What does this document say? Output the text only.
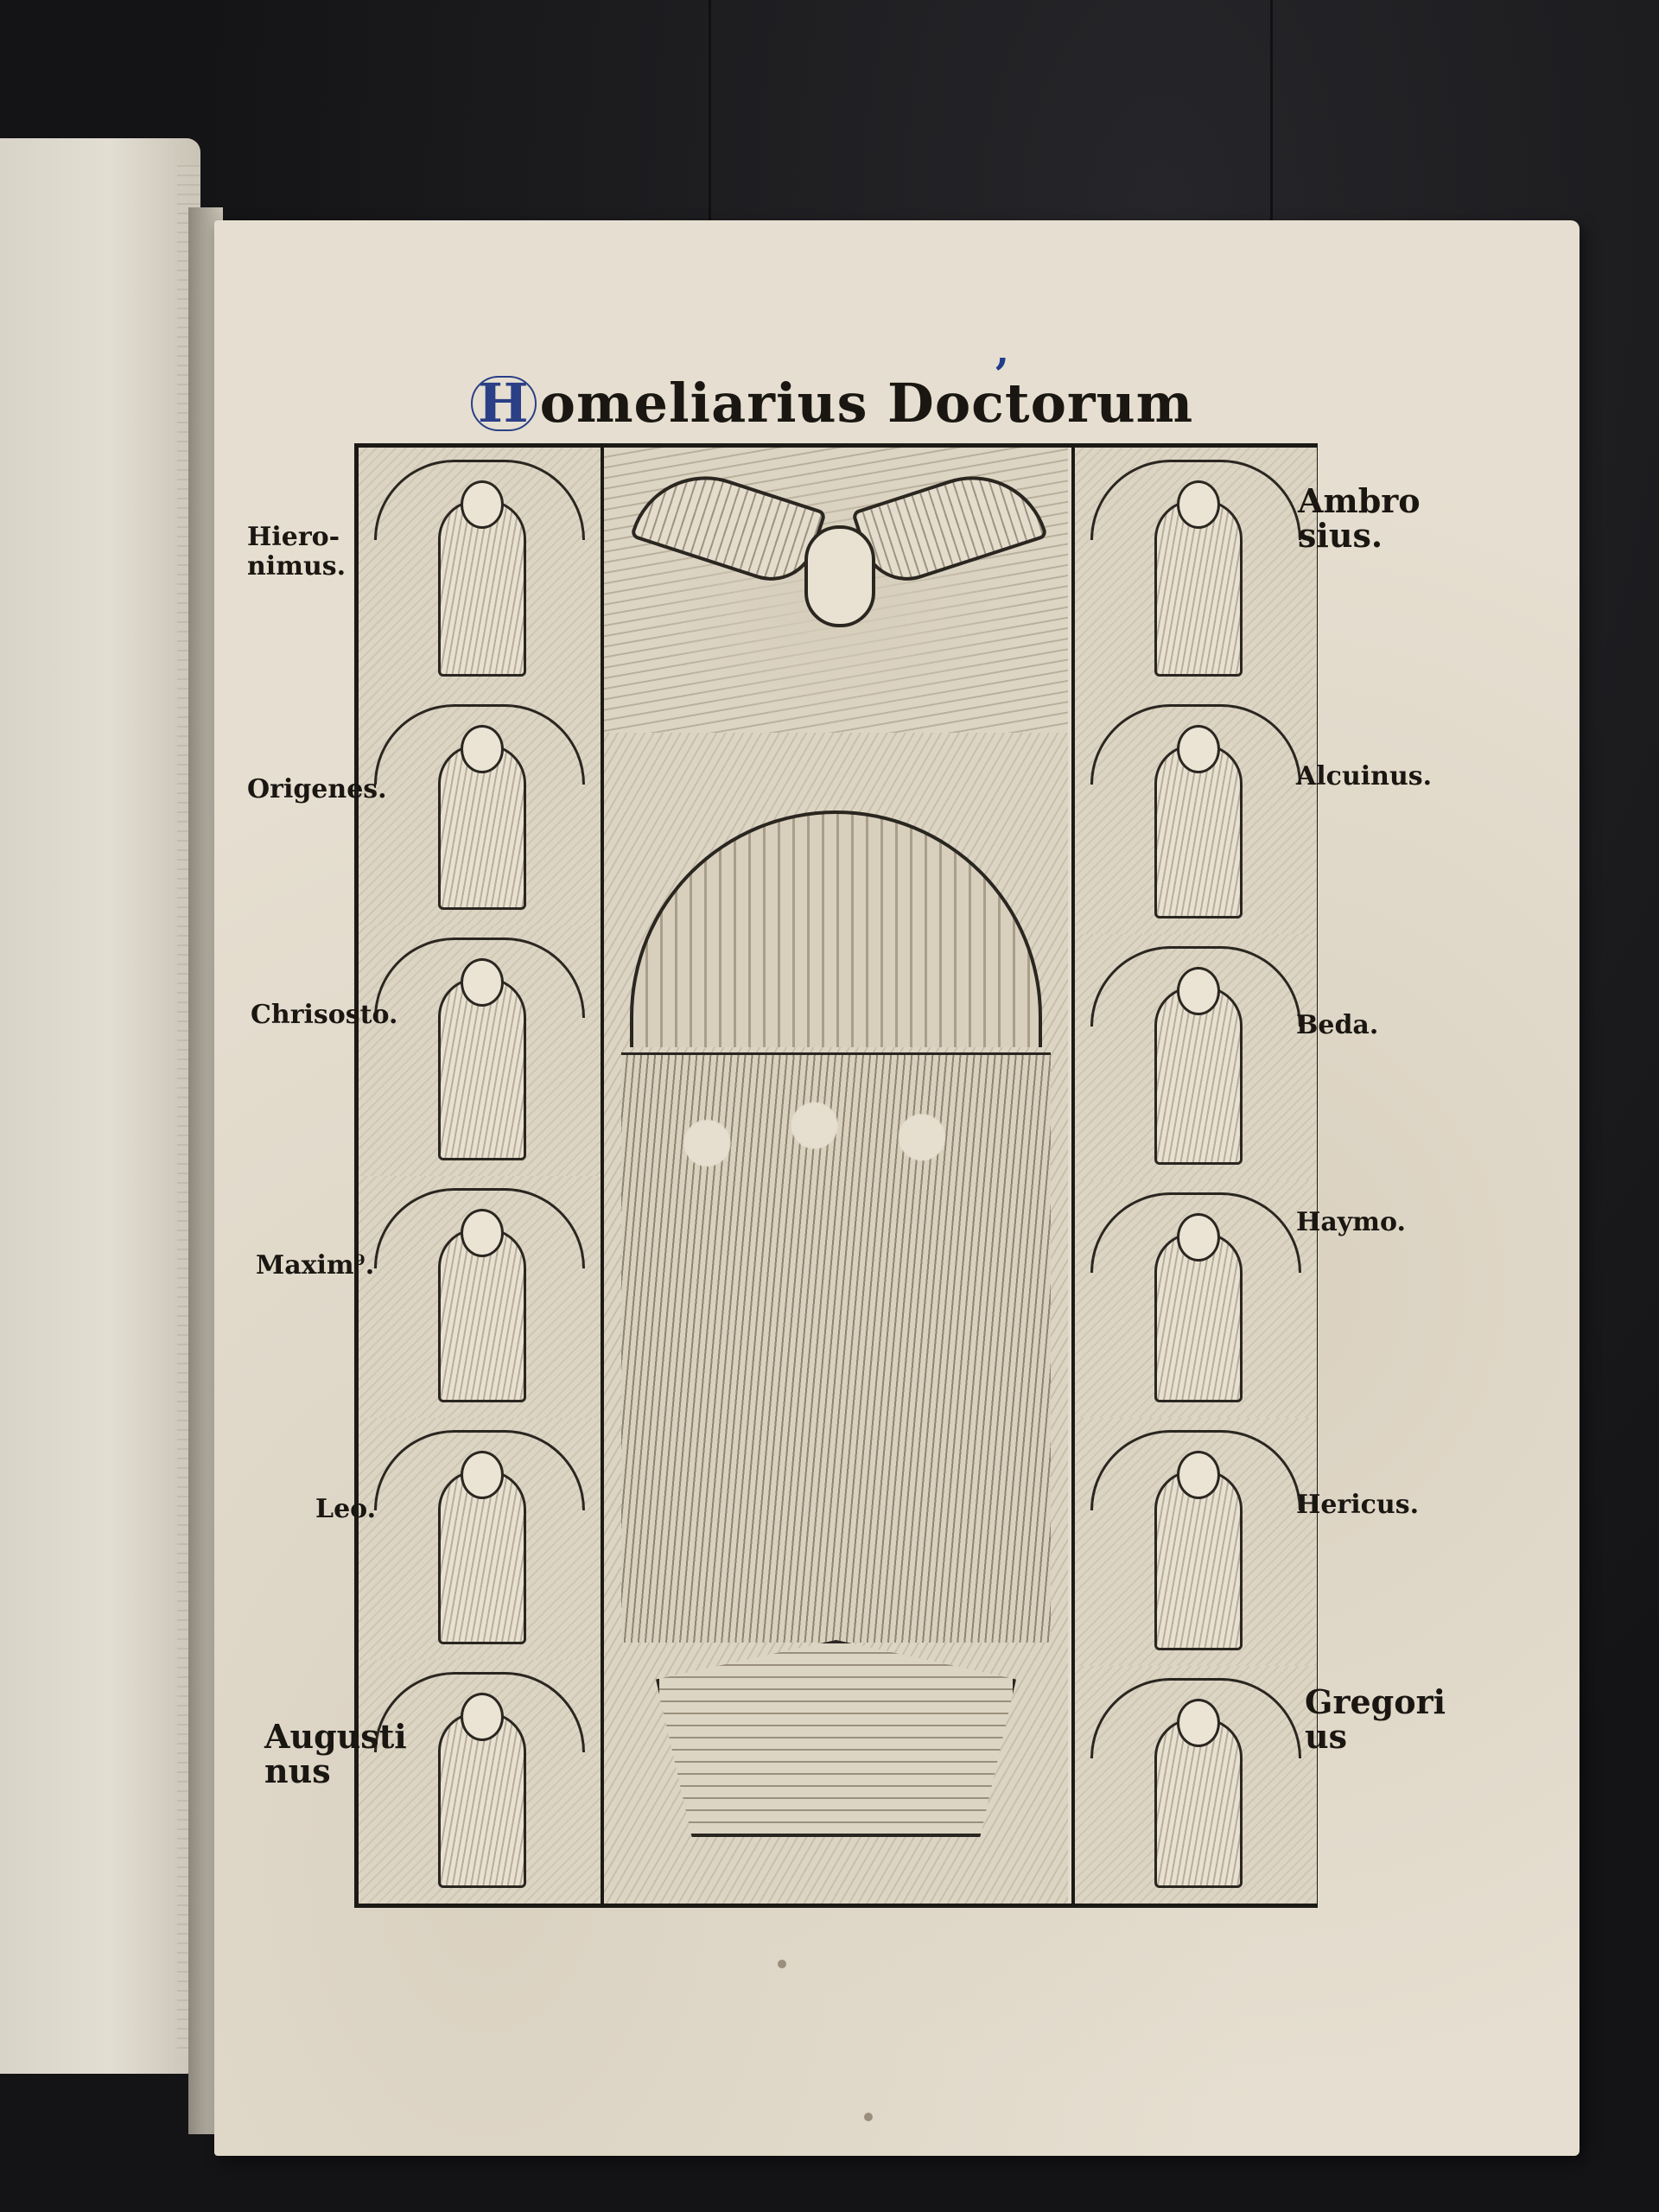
,
H omeliarius Doctorum
Hiero-
nimus.
Origenes.
Chrisosto.
Maxim⁹.
Leo.
Augusti
nus
Ambro
sius.
Alcuinus.
Beda.
Haymo.
Hericus.
Gregori
us
